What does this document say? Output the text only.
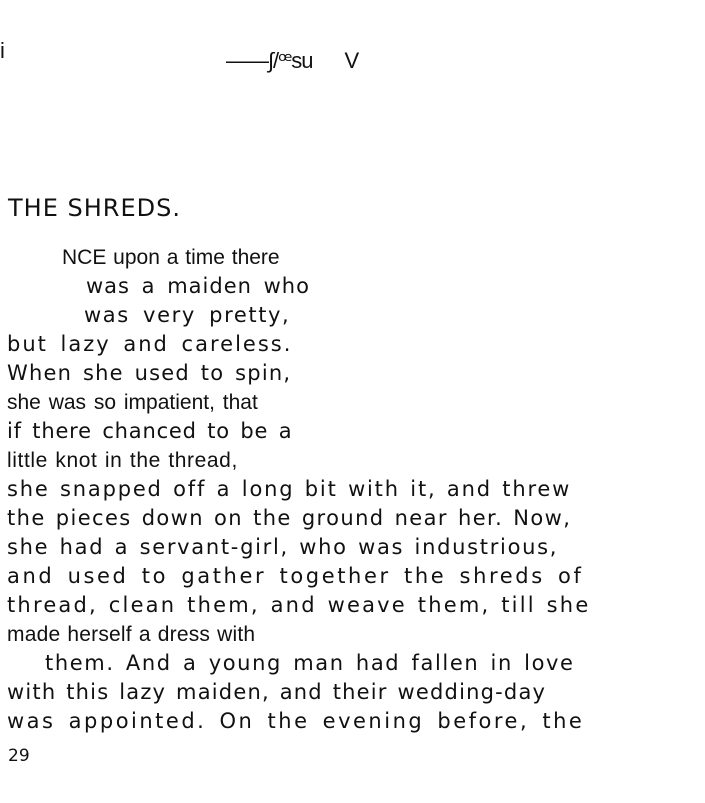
i	——∫/ꟹsu V
THE SHREDS.
NCE upon a time there
was a maiden who
was very pretty,
but lazy and careless.
When she used to spin,
she was so impatient, that
if there chanced to be a
little knot in the thread,
she snapped off a long bit with it, and threw
the pieces down on the ground near her. Now,
she had a servant-girl, who was industrious,
and used to gather together the shreds of
thread, clean them, and weave them, till she
made herself a dress with
them. And a young man had fallen in love
with this lazy maiden, and their wedding-day
was appointed. On the evening before, the
29
